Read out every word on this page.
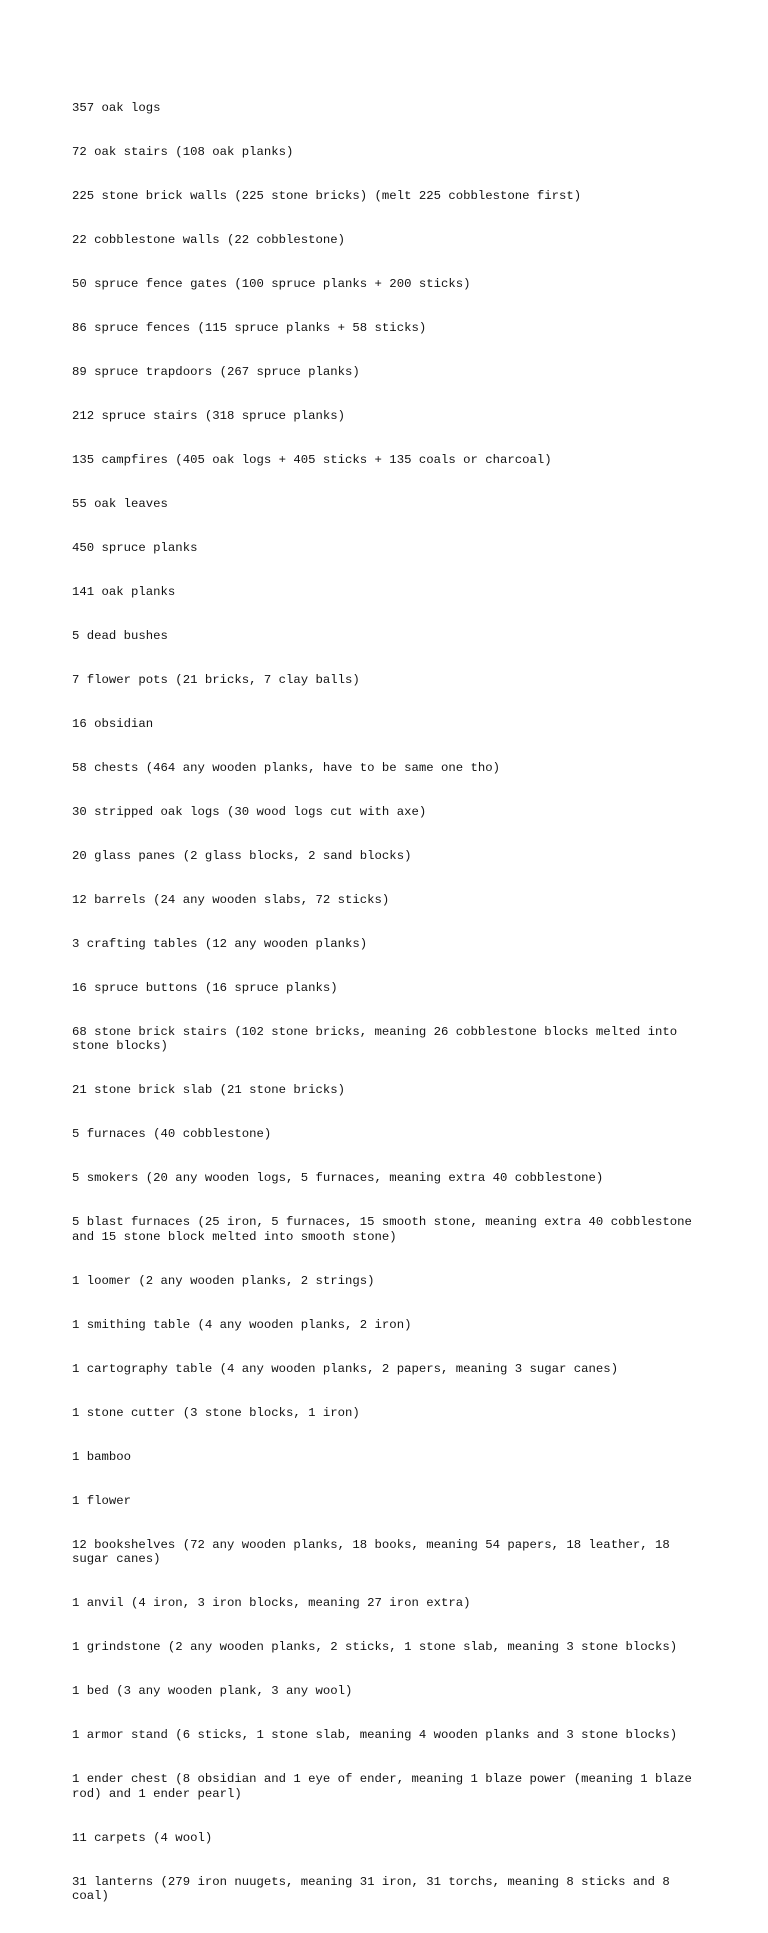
357 oak logs

72 oak stairs (108 oak planks)

225 stone brick walls (225 stone bricks) (melt 225 cobblestone first)

22 cobblestone walls (22 cobblestone)

50 spruce fence gates (100 spruce planks + 200 sticks)

86 spruce fences (115 spruce planks + 58 sticks)

89 spruce trapdoors (267 spruce planks)

212 spruce stairs (318 spruce planks)

135 campfires (405 oak logs + 405 sticks + 135 coals or charcoal)

55 oak leaves

450 spruce planks

141 oak planks

5 dead bushes

7 flower pots (21 bricks, 7 clay balls)

16 obsidian

58 chests (464 any wooden planks, have to be same one tho)

30 stripped oak logs (30 wood logs cut with axe)

20 glass panes (2 glass blocks, 2 sand blocks)

12 barrels (24 any wooden slabs, 72 sticks)

3 crafting tables (12 any wooden planks)

16 spruce buttons (16 spruce planks)

68 stone brick stairs (102 stone bricks, meaning 26 cobblestone blocks melted into stone blocks)

21 stone brick slab (21 stone bricks)

5 furnaces (40 cobblestone)

5 smokers (20 any wooden logs, 5 furnaces, meaning extra 40 cobblestone)

5 blast furnaces (25 iron, 5 furnaces, 15 smooth stone, meaning extra 40 cobblestone and 15 stone block melted into smooth stone)

1 loomer (2 any wooden planks, 2 strings)

1 smithing table (4 any wooden planks, 2 iron)

1 cartography table (4 any wooden planks, 2 papers, meaning 3 sugar canes)

1 stone cutter (3 stone blocks, 1 iron)

1 bamboo

1 flower

12 bookshelves (72 any wooden planks, 18 books, meaning 54 papers, 18 leather, 18 sugar canes)

1 anvil (4 iron, 3 iron blocks, meaning 27 iron extra)

1 grindstone (2 any wooden planks, 2 sticks, 1 stone slab, meaning 3 stone blocks)

1 bed (3 any wooden plank, 3 any wool)

1 armor stand (6 sticks, 1 stone slab, meaning 4 wooden planks and 3 stone blocks)

1 ender chest (8 obsidian and 1 eye of ender, meaning 1 blaze power (meaning 1 blaze rod) and 1 ender pearl)

11 carpets (4 wool)

31 lanterns (279 iron nuugets, meaning 31 iron, 31 torchs, meaning 8 sticks and 8 coal)
